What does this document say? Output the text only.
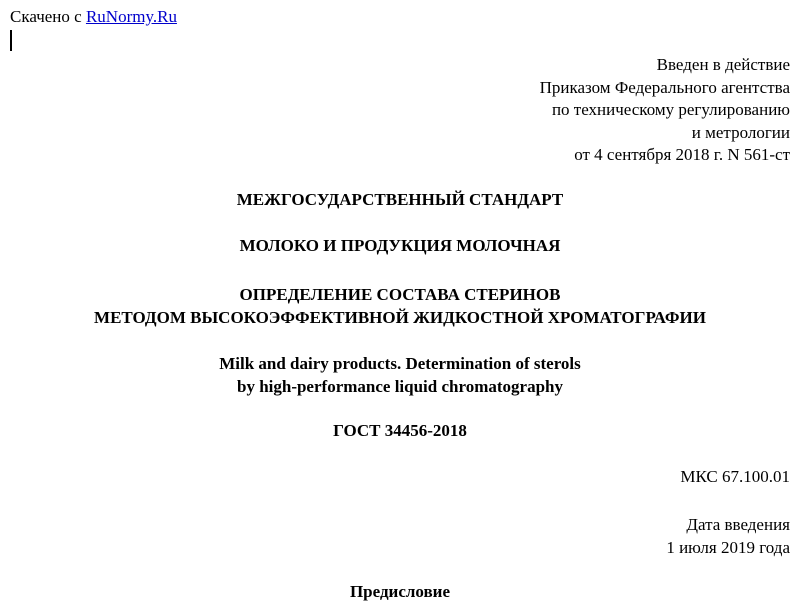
Скачено с RuNormy.Ru
Введен в действие
Приказом Федерального агентства
по техническому регулированию
и метрологии
от 4 сентября 2018 г. N 561-ст
МЕЖГОСУДАРСТВЕННЫЙ СТАНДАРТ
МОЛОКО И ПРОДУКЦИЯ МОЛОЧНАЯ
ОПРЕДЕЛЕНИЕ СОСТАВА СТЕРИНОВ
МЕТОДОМ ВЫСОКОЭФФЕКТИВНОЙ ЖИДКОСТНОЙ ХРОМАТОГРАФИИ
Milk and dairy products. Determination of sterols
by high-performance liquid chromatography
ГОСТ 34456-2018
МКС 67.100.01
Дата введения
1 июля 2019 года
Предисловие
